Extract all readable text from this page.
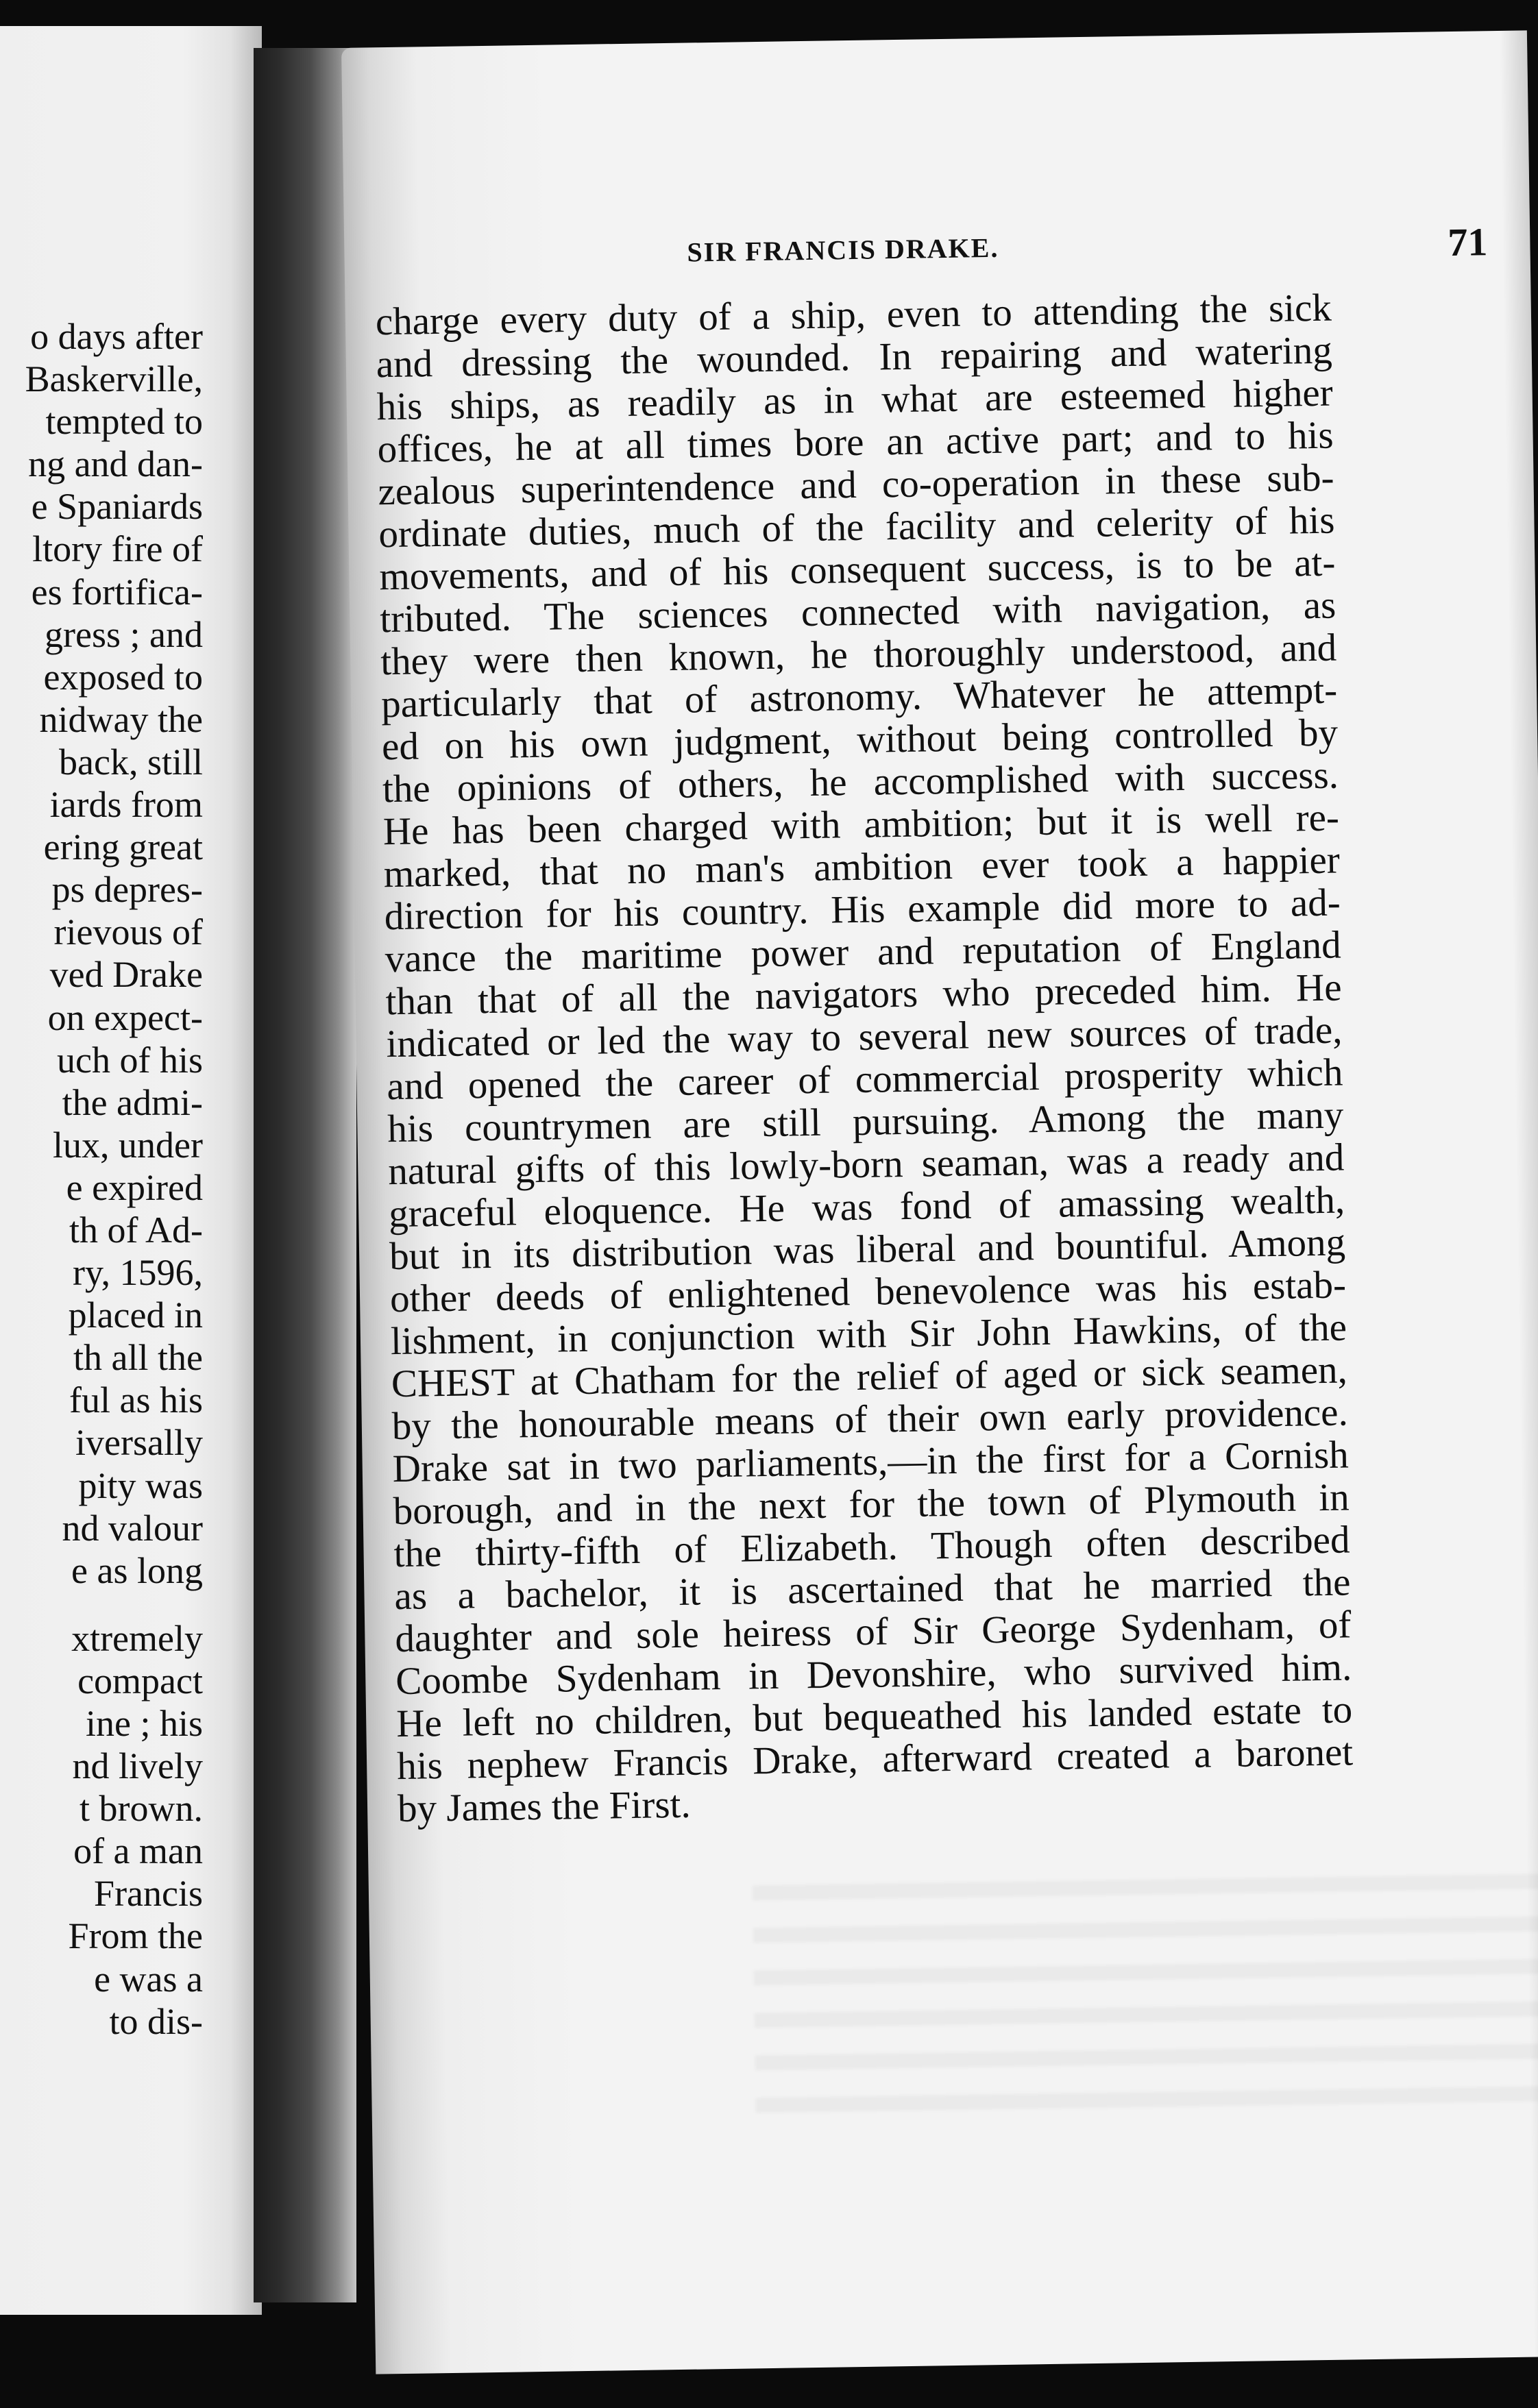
o days after
Baskerville,
tempted to
ng and dan-
e Spaniards
ltory fire of
es fortifica-
gress ; and
exposed to
nidway the
back, still
iards from
ering great
ps depres-
rievous of
ved Drake
on expect-
uch of his
the admi-
lux, under
e expired
th of Ad-
ry, 1596,
placed in
th all the
ful as his
iversally
pity was
nd valour
e as long
xtremely
compact
ine ; his
nd lively
t brown.
of a man
Francis
From the
e was a
to dis-
SIR FRANCIS DRAKE.	71
charge every duty of a ship, even to attending the sick
and dressing the wounded. In repairing and watering
his ships, as readily as in what are esteemed higher
offices, he at all times bore an active part; and to his
zealous superintendence and co-operation in these sub-
ordinate duties, much of the facility and celerity of his
movements, and of his consequent success, is to be at-
tributed. The sciences connected with navigation, as
they were then known, he thoroughly understood, and
particularly that of astronomy. Whatever he attempt-
ed on his own judgment, without being controlled by
the opinions of others, he accomplished with success.
He has been charged with ambition; but it is well re-
marked, that no man's ambition ever took a happier
direction for his country. His example did more to ad-
vance the maritime power and reputation of England
than that of all the navigators who preceded him. He
indicated or led the way to several new sources of trade,
and opened the career of commercial prosperity which
his countrymen are still pursuing. Among the many
natural gifts of this lowly-born seaman, was a ready and
graceful eloquence. He was fond of amassing wealth,
but in its distribution was liberal and bountiful. Among
other deeds of enlightened benevolence was his estab-
lishment, in conjunction with Sir John Hawkins, of the
CHEST at Chatham for the relief of aged or sick seamen,
by the honourable means of their own early providence.
Drake sat in two parliaments,—in the first for a Cornish
borough, and in the next for the town of Plymouth in
the thirty-fifth of Elizabeth. Though often described
as a bachelor, it is ascertained that he married the
daughter and sole heiress of Sir George Sydenham, of
Coombe Sydenham in Devonshire, who survived him.
He left no children, but bequeathed his landed estate to
his nephew Francis Drake, afterward created a baronet
by James the First.
